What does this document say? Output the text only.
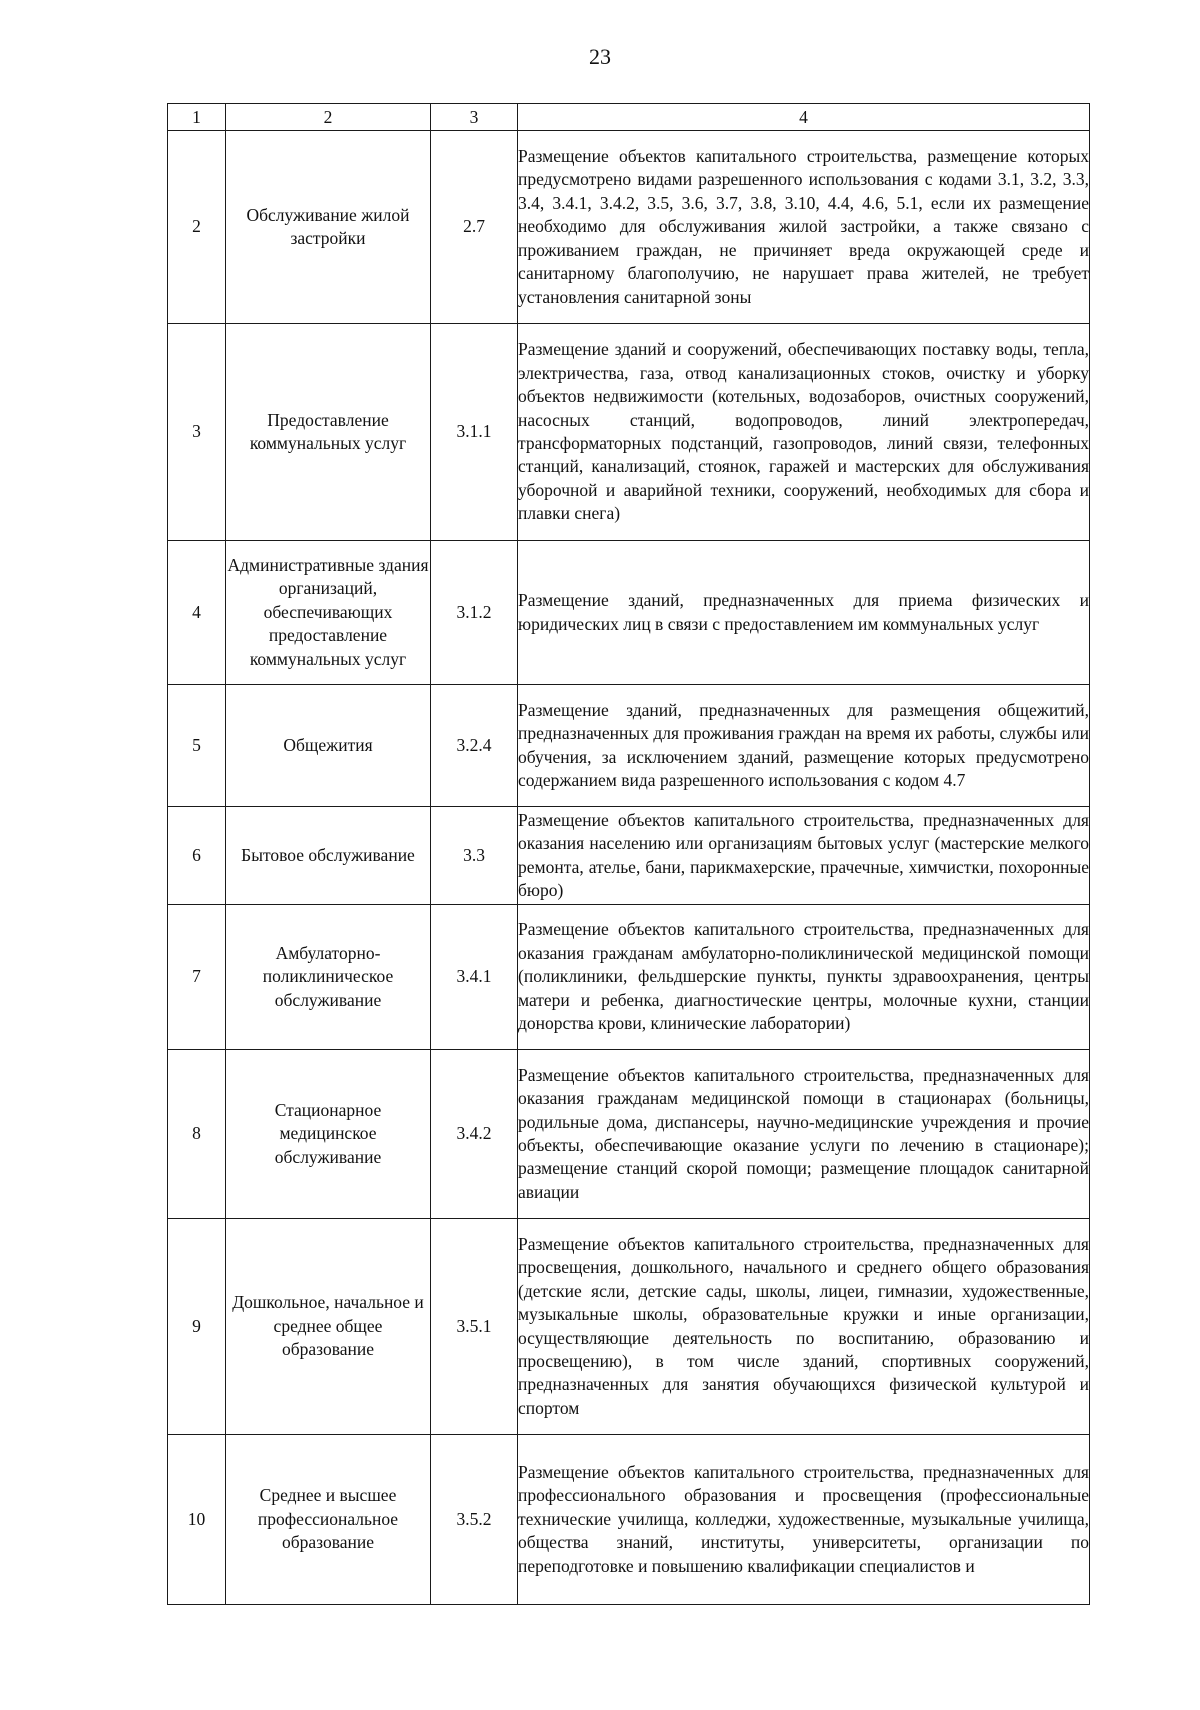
23
1	2	3	4
2	Обслуживание жилой застройки	2.7	Размещение объектов капитального строительства, размещение которых предусмотрено видами разрешенного использования с кодами 3.1, 3.2, 3.3, 3.4, 3.4.1, 3.4.2, 3.5, 3.6, 3.7, 3.8, 3.10, 4.4, 4.6, 5.1, если их размещение необходимо для обслуживания жилой застройки, а также связано с проживанием граждан, не причиняет вреда окружающей среде и санитарному благополучию, не нарушает права жителей, не требует установления санитарной зоны

3	Предоставление коммунальных услуг	3.1.1	Размещение зданий и сооружений, обеспечивающих поставку воды, тепла, электричества, газа, отвод канализационных стоков, очистку и уборку объектов недвижимости (котельных, водозаборов, очистных сооружений, насосных станций, водопроводов, линий электропередач, трансформаторных подстанций, газопроводов, линий связи, телефонных станций, канализаций, стоянок, гаражей и мастерских для обслуживания уборочной и аварийной техники, сооружений, необходимых для сбора и плавки снега)

4	Административные здания организаций, обеспечивающих предоставление коммунальных услуг	3.1.2	Размещение зданий, предназначенных для приема физических и юридических лиц в связи с предоставлением им коммунальных услуг

5	Общежития	3.2.4	Размещение зданий, предназначенных для размещения общежитий, предназначенных для проживания граждан на время их работы, службы или обучения, за исключением зданий, размещение которых предусмотрено содержанием вида разрешенного использования с кодом 4.7

6	Бытовое обслуживание	3.3	Размещение объектов капитального строительства, предназначенных для оказания населению или организациям бытовых услуг (мастерские мелкого ремонта, ателье, бани, парикмахерские, прачечные, химчистки, похоронные бюро)

7	Амбулаторно-поликлиническое обслуживание	3.4.1	Размещение объектов капитального строительства, предназначенных для оказания гражданам амбулаторно-поликлинической медицинской помощи (поликлиники, фельдшерские пункты, пункты здравоохранения, центры матери и ребенка, диагностические центры, молочные кухни, станции донорства крови, клинические лаборатории)

8	Стационарное медицинское обслуживание	3.4.2	Размещение объектов капитального строительства, предназначенных для оказания гражданам медицинской помощи в стационарах (больницы, родильные дома, диспансеры, научно-медицинские учреждения и прочие объекты, обеспечивающие оказание услуги по лечению в стационаре); размещение станций скорой помощи; размещение площадок санитарной авиации

9	Дошкольное, начальное и среднее общее образование	3.5.1	Размещение объектов капитального строительства, предназначенных для просвещения, дошкольного, начального и среднего общего образования (детские ясли, детские сады, школы, лицеи, гимназии, художественные, музыкальные школы, образовательные кружки и иные организации, осуществляющие деятельность по воспитанию, образованию и просвещению), в том числе зданий, спортивных сооружений, предназначенных для занятия обучающихся физической культурой и спортом

10	Среднее и высшее профессиональное образование	3.5.2	Размещение объектов капитального строительства, предназначенных для профессионального образования и просвещения (профессиональные технические училища, колледжи, художественные, музыкальные училища, общества знаний, институты, университеты, организации по переподготовке и повышению квалификации специалистов и
